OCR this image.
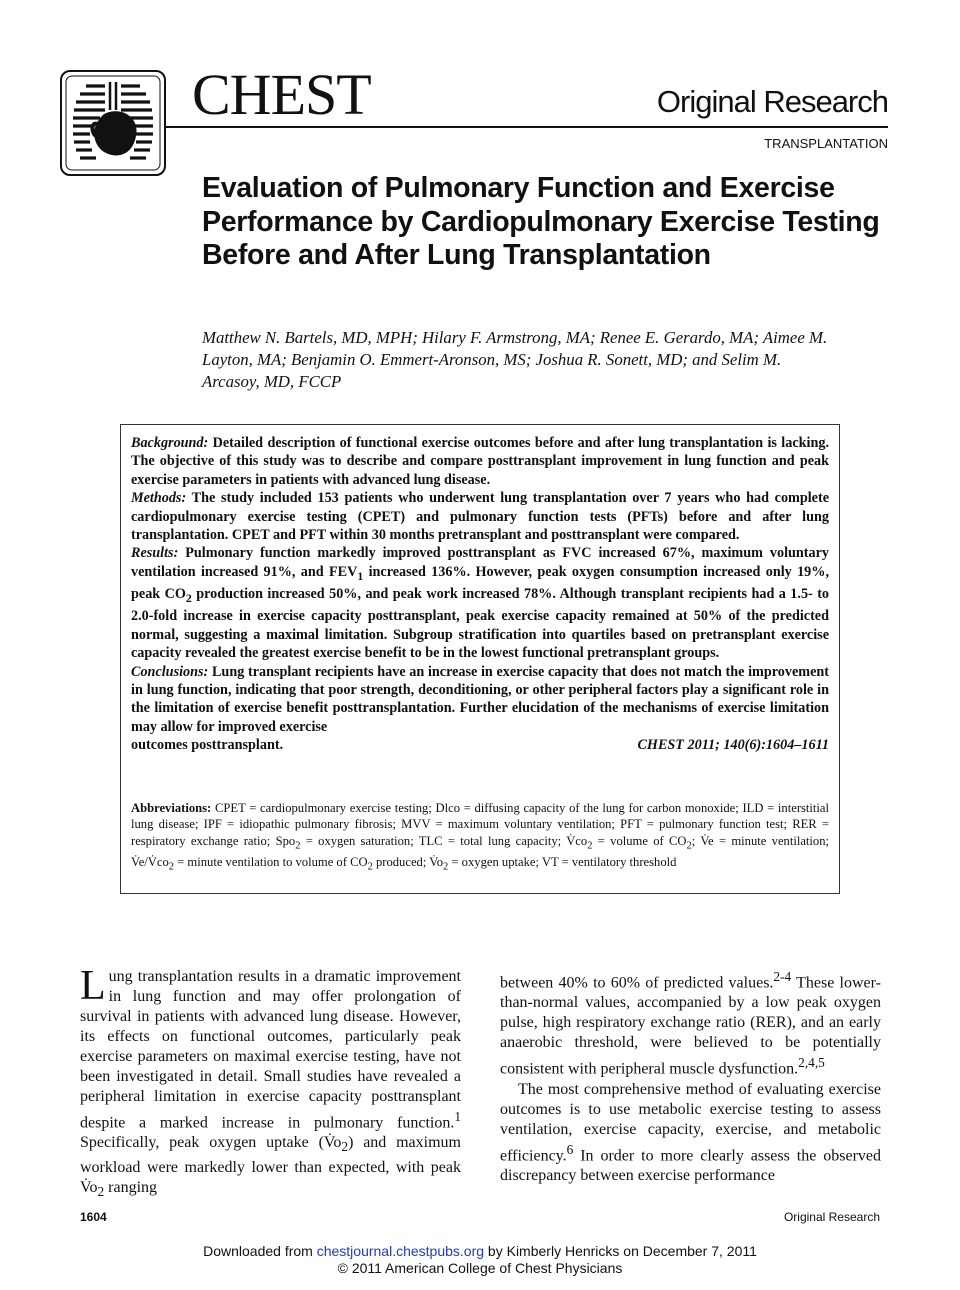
CHEST	Original Research
TRANSPLANTATION
Evaluation of Pulmonary Function and Exercise Performance by Cardiopulmonary Exercise Testing Before and After Lung Transplantation
Matthew N. Bartels, MD, MPH; Hilary F. Armstrong, MA; Renee E. Gerardo, MA; Aimee M. Layton, MA; Benjamin O. Emmert-Aronson, MS; Joshua R. Sonett, MD; and Selim M. Arcasoy, MD, FCCP

Background: Detailed description of functional exercise outcomes before and after lung transplantation is lacking. The objective of this study was to describe and compare posttransplant improvement in lung function and peak exercise parameters in patients with advanced lung disease.

Methods: The study included 153 patients who underwent lung transplantation over 7 years who had complete cardiopulmonary exercise testing (CPET) and pulmonary function tests (PFTs) before and after lung transplantation. CPET and PFT within 30 months pretransplant and posttransplant were compared.

Results: Pulmonary function markedly improved posttransplant as FVC increased 67%, maximum voluntary ventilation increased 91%, and $FEV_1$ increased 136%. However, peak oxygen consumption increased only 19%, peak $CO_2$ production increased 50%, and peak work increased 78%. Although transplant recipients had a 1.5- to 2.0-fold increase in exercise capacity posttransplant, peak exercise capacity remained at 50% of the predicted normal, suggesting a maximal limitation. Subgroup stratification into quartiles based on pretransplant exercise capacity revealed the greatest exercise benefit to be in the lowest functional pretransplant groups.

Conclusions: Lung transplant recipients have an increase in exercise capacity that does not match the improvement in lung function, indicating that poor strength, deconditioning, or other peripheral factors play a significant role in the limitation of exercise benefit posttransplantation. Further elucidation of the mechanisms of exercise limitation may allow for improved exercise

outcomes posttransplant.	CHEST 2011; 140(6):1604–1611
Abbreviations: CPET = cardiopulmonary exercise testing; Dlco = diffusing capacity of the lung for carbon monoxide; ILD = interstitial lung disease; IPF = idiopathic pulmonary fibrosis; MVV = maximum voluntary ventilation; PFT = pulmonary function test; RER = respiratory exchange ratio; Spo$_2$ = oxygen saturation; TLC = total lung capacity; $V̇co_2$ = volume of $CO_2$; V̇e = minute ventilation; $V̇e/V̇co_2$ = minute ventilation to volume of $CO_2$ produced; $V̇o_2$ = oxygen uptake; VT = ventilatory threshold

Lung transplantation results in a dramatic improvement in lung function and may offer prolongation of survival in patients with advanced lung disease. However, its effects on functional outcomes, particularly peak exercise parameters on maximal exercise testing, have not been investigated in detail. Small studies have revealed a peripheral limitation in exercise capacity posttransplant despite a marked increase in pulmonary function.$^1$ Specifically, peak oxygen uptake $(V̇o_2)$ and maximum workload were markedly lower than expected, with peak $V̇o_2$ ranging

between 40% to 60% of predicted values.$^{2-4}$ These lower-than-normal values, accompanied by a low peak oxygen pulse, high respiratory exchange ratio (RER), and an early anaerobic threshold, were believed to be potentially consistent with peripheral muscle dysfunction.$^{2,4,5}$

The most comprehensive method of evaluating exercise outcomes is to use metabolic exercise testing to assess ventilation, exercise capacity, exercise, and metabolic efficiency.$^6$ In order to more clearly assess the observed discrepancy between exercise performance

1604	Original Research
Downloaded from chestjournal.chestpubs.org by Kimberly Henricks on December 7, 2011
© 2011 American College of Chest Physicians
